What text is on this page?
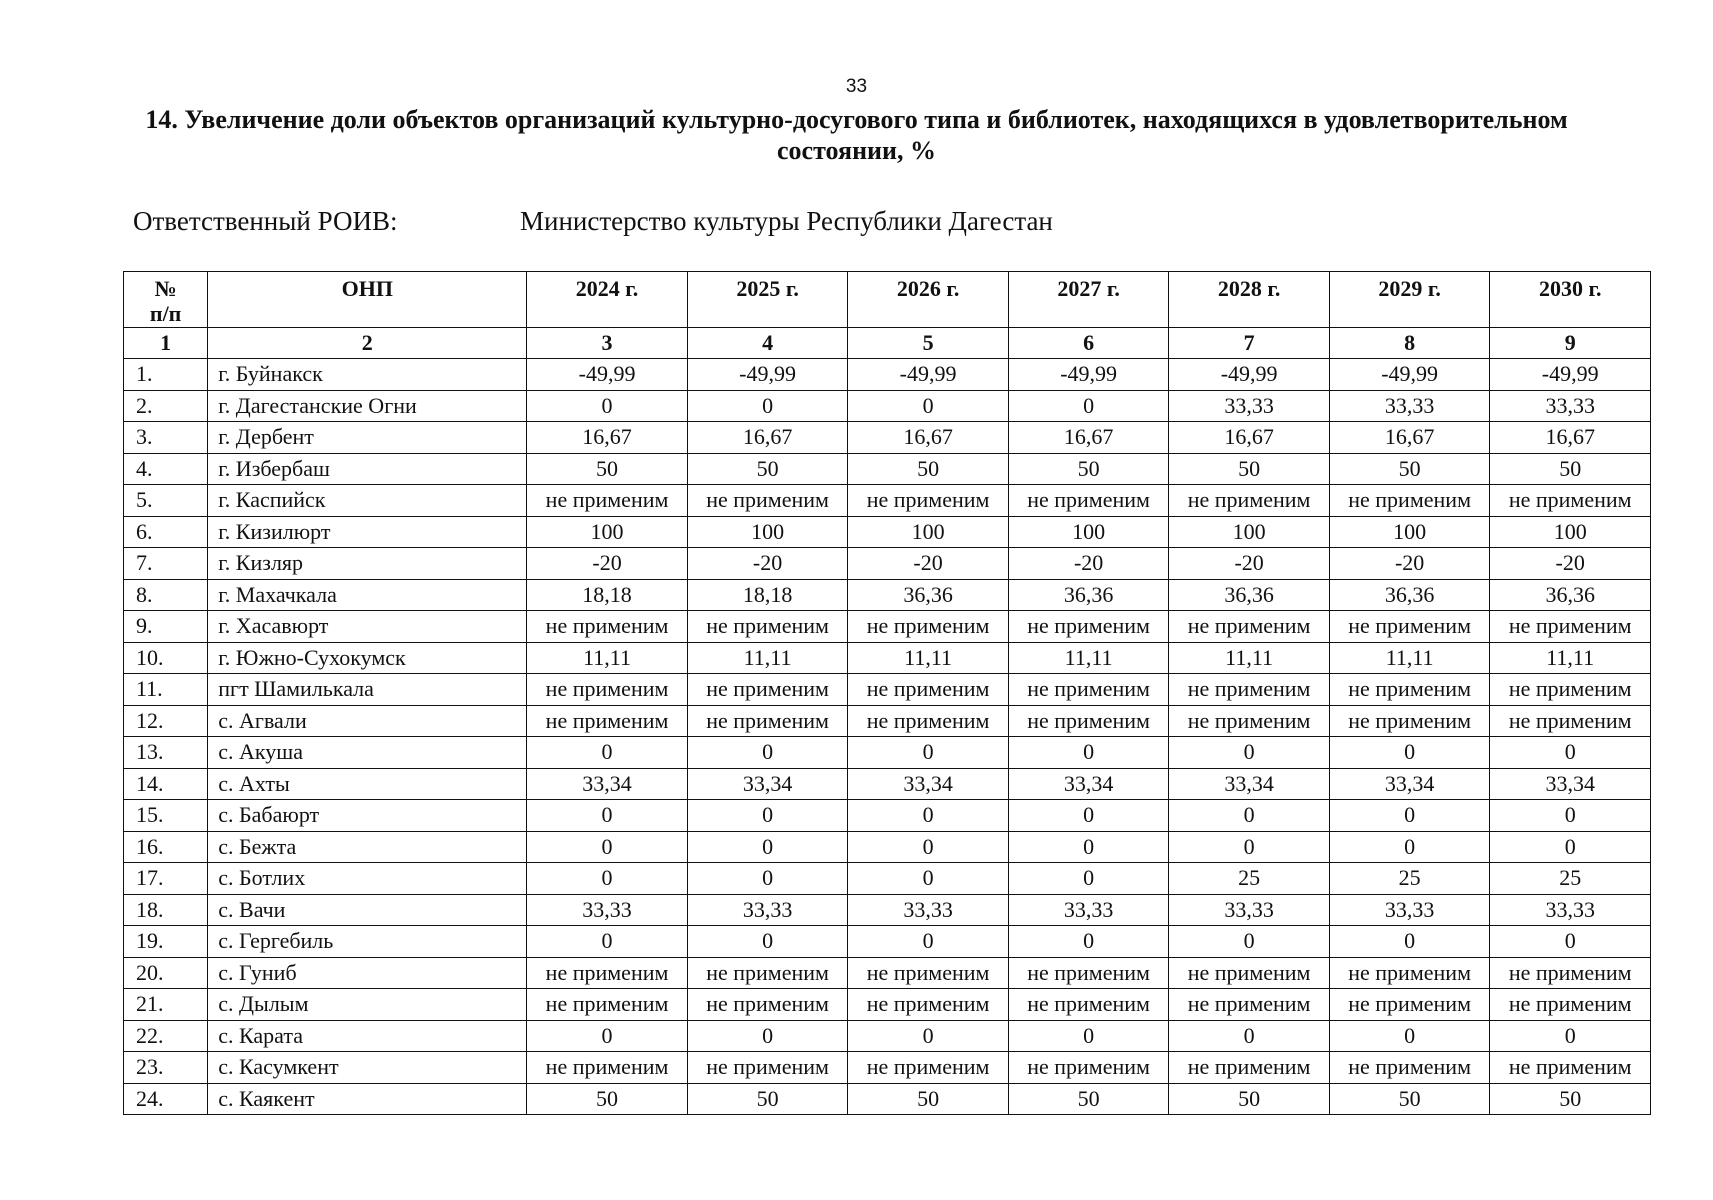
33
14. Увеличение доли объектов организаций культурно-досугового типа и библиотек, находящихся в удовлетворительном состоянии, %
Ответственный РОИВ:	Министерство культуры Республики Дагестан
№
п/п	ОНП	2024 г.	2025 г.	2026 г.	2027 г.	2028 г.	2029 г.	2030 г.
1	2	3	4	5	6	7	8	9
1.	г. Буйнакск	-49,99	-49,99	-49,99	-49,99	-49,99	-49,99	-49,99
2.	г. Дагестанские Огни	0	0	0	0	33,33	33,33	33,33
3.	г. Дербент	16,67	16,67	16,67	16,67	16,67	16,67	16,67
4.	г. Избербаш	50	50	50	50	50	50	50
5.	г. Каспийск	не применим	не применим	не применим	не применим	не применим	не применим	не применим
6.	г. Кизилюрт	100	100	100	100	100	100	100
7.	г. Кизляр	-20	-20	-20	-20	-20	-20	-20
8.	г. Махачкала	18,18	18,18	36,36	36,36	36,36	36,36	36,36
9.	г. Хасавюрт	не применим	не применим	не применим	не применим	не применим	не применим	не применим
10.	г. Южно-Сухокумск	11,11	11,11	11,11	11,11	11,11	11,11	11,11
11.	пгт Шамилькала	не применим	не применим	не применим	не применим	не применим	не применим	не применим
12.	с. Агвали	не применим	не применим	не применим	не применим	не применим	не применим	не применим
13.	с. Акуша	0	0	0	0	0	0	0
14.	с. Ахты	33,34	33,34	33,34	33,34	33,34	33,34	33,34
15.	с. Бабаюрт	0	0	0	0	0	0	0
16.	с. Бежта	0	0	0	0	0	0	0
17.	с. Ботлих	0	0	0	0	25	25	25
18.	с. Вачи	33,33	33,33	33,33	33,33	33,33	33,33	33,33
19.	с. Гергебиль	0	0	0	0	0	0	0
20.	с. Гуниб	не применим	не применим	не применим	не применим	не применим	не применим	не применим
21.	с. Дылым	не применим	не применим	не применим	не применим	не применим	не применим	не применим
22.	с. Карата	0	0	0	0	0	0	0
23.	с. Касумкент	не применим	не применим	не применим	не применим	не применим	не применим	не применим
24.	с. Каякент	50	50	50	50	50	50	50
